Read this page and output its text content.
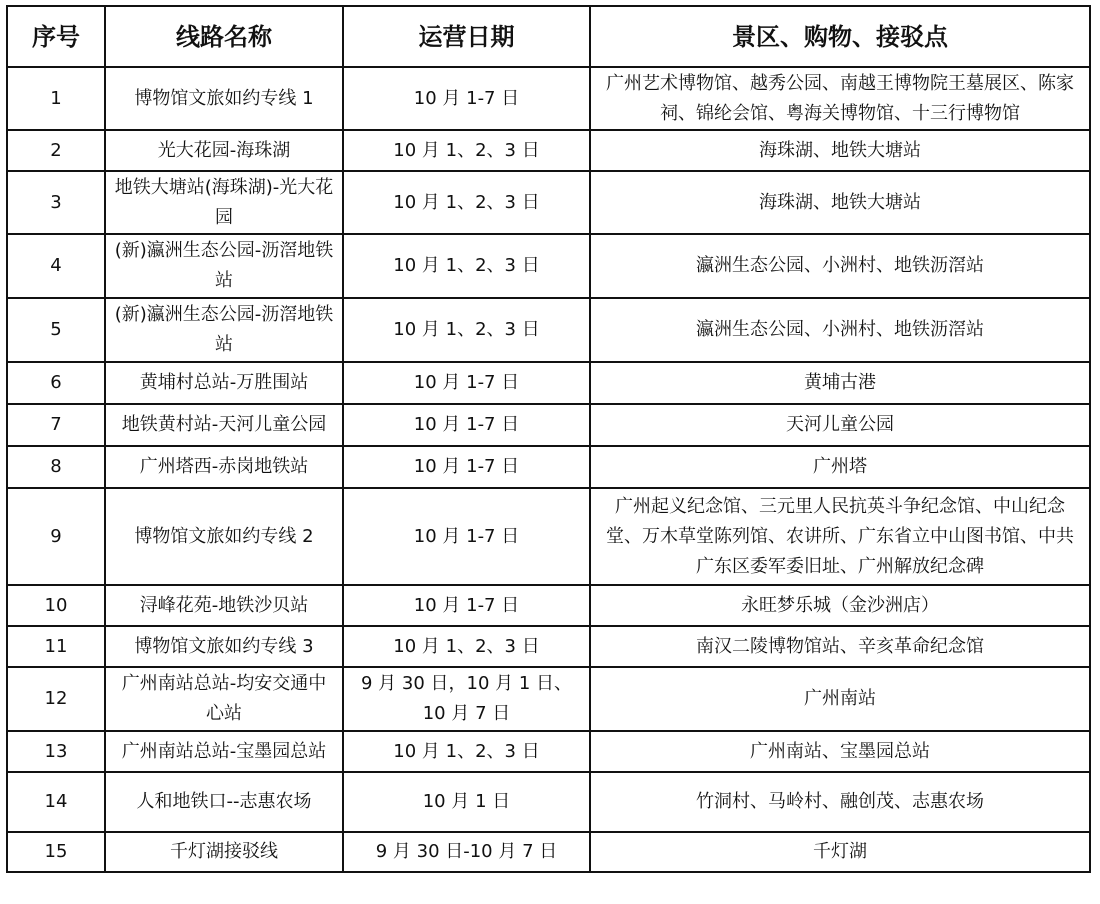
序号	线路名称	运营日期	景区、购物、接驳点
1	博物馆文旅如约专线 1	10 月 1-7 日	广州艺术博物馆、越秀公园、南越王博物院王墓展区、陈家祠、锦纶会馆、粤海关博物馆、十三行博物馆
2	光大花园-海珠湖	10 月 1、2、3 日	海珠湖、地铁大塘站
3	地铁大塘站(海珠湖)-光大花园	10 月 1、2、3 日	海珠湖、地铁大塘站
4	(新)瀛洲生态公园-沥滘地铁站	10 月 1、2、3 日	瀛洲生态公园、小洲村、地铁沥滘站
5	(新)瀛洲生态公园-沥滘地铁站	10 月 1、2、3 日	瀛洲生态公园、小洲村、地铁沥滘站
6	黄埔村总站-万胜围站	10 月 1-7 日	黄埔古港
7	地铁黄村站-天河儿童公园	10 月 1-7 日	天河儿童公园
8	广州塔西-赤岗地铁站	10 月 1-7 日	广州塔
9	博物馆文旅如约专线 2	10 月 1-7 日	广州起义纪念馆、三元里人民抗英斗争纪念馆、中山纪念堂、万木草堂陈列馆、农讲所、广东省立中山图书馆、中共广东区委军委旧址、广州解放纪念碑
10	浔峰花苑-地铁沙贝站	10 月 1-7 日	永旺梦乐城（金沙洲店）
11	博物馆文旅如约专线 3	10 月 1、2、3 日	南汉二陵博物馆站、辛亥革命纪念馆
12	广州南站总站-均安交通中心站	9 月 30 日，10 月 1 日、10 月 7 日	广州南站
13	广州南站总站-宝墨园总站	10 月 1、2、3 日	广州南站、宝墨园总站
14	人和地铁口--志惠农场	10 月 1 日	竹洞村、马岭村、融创茂、志惠农场
15	千灯湖接驳线	9 月 30 日-10 月 7 日	千灯湖
